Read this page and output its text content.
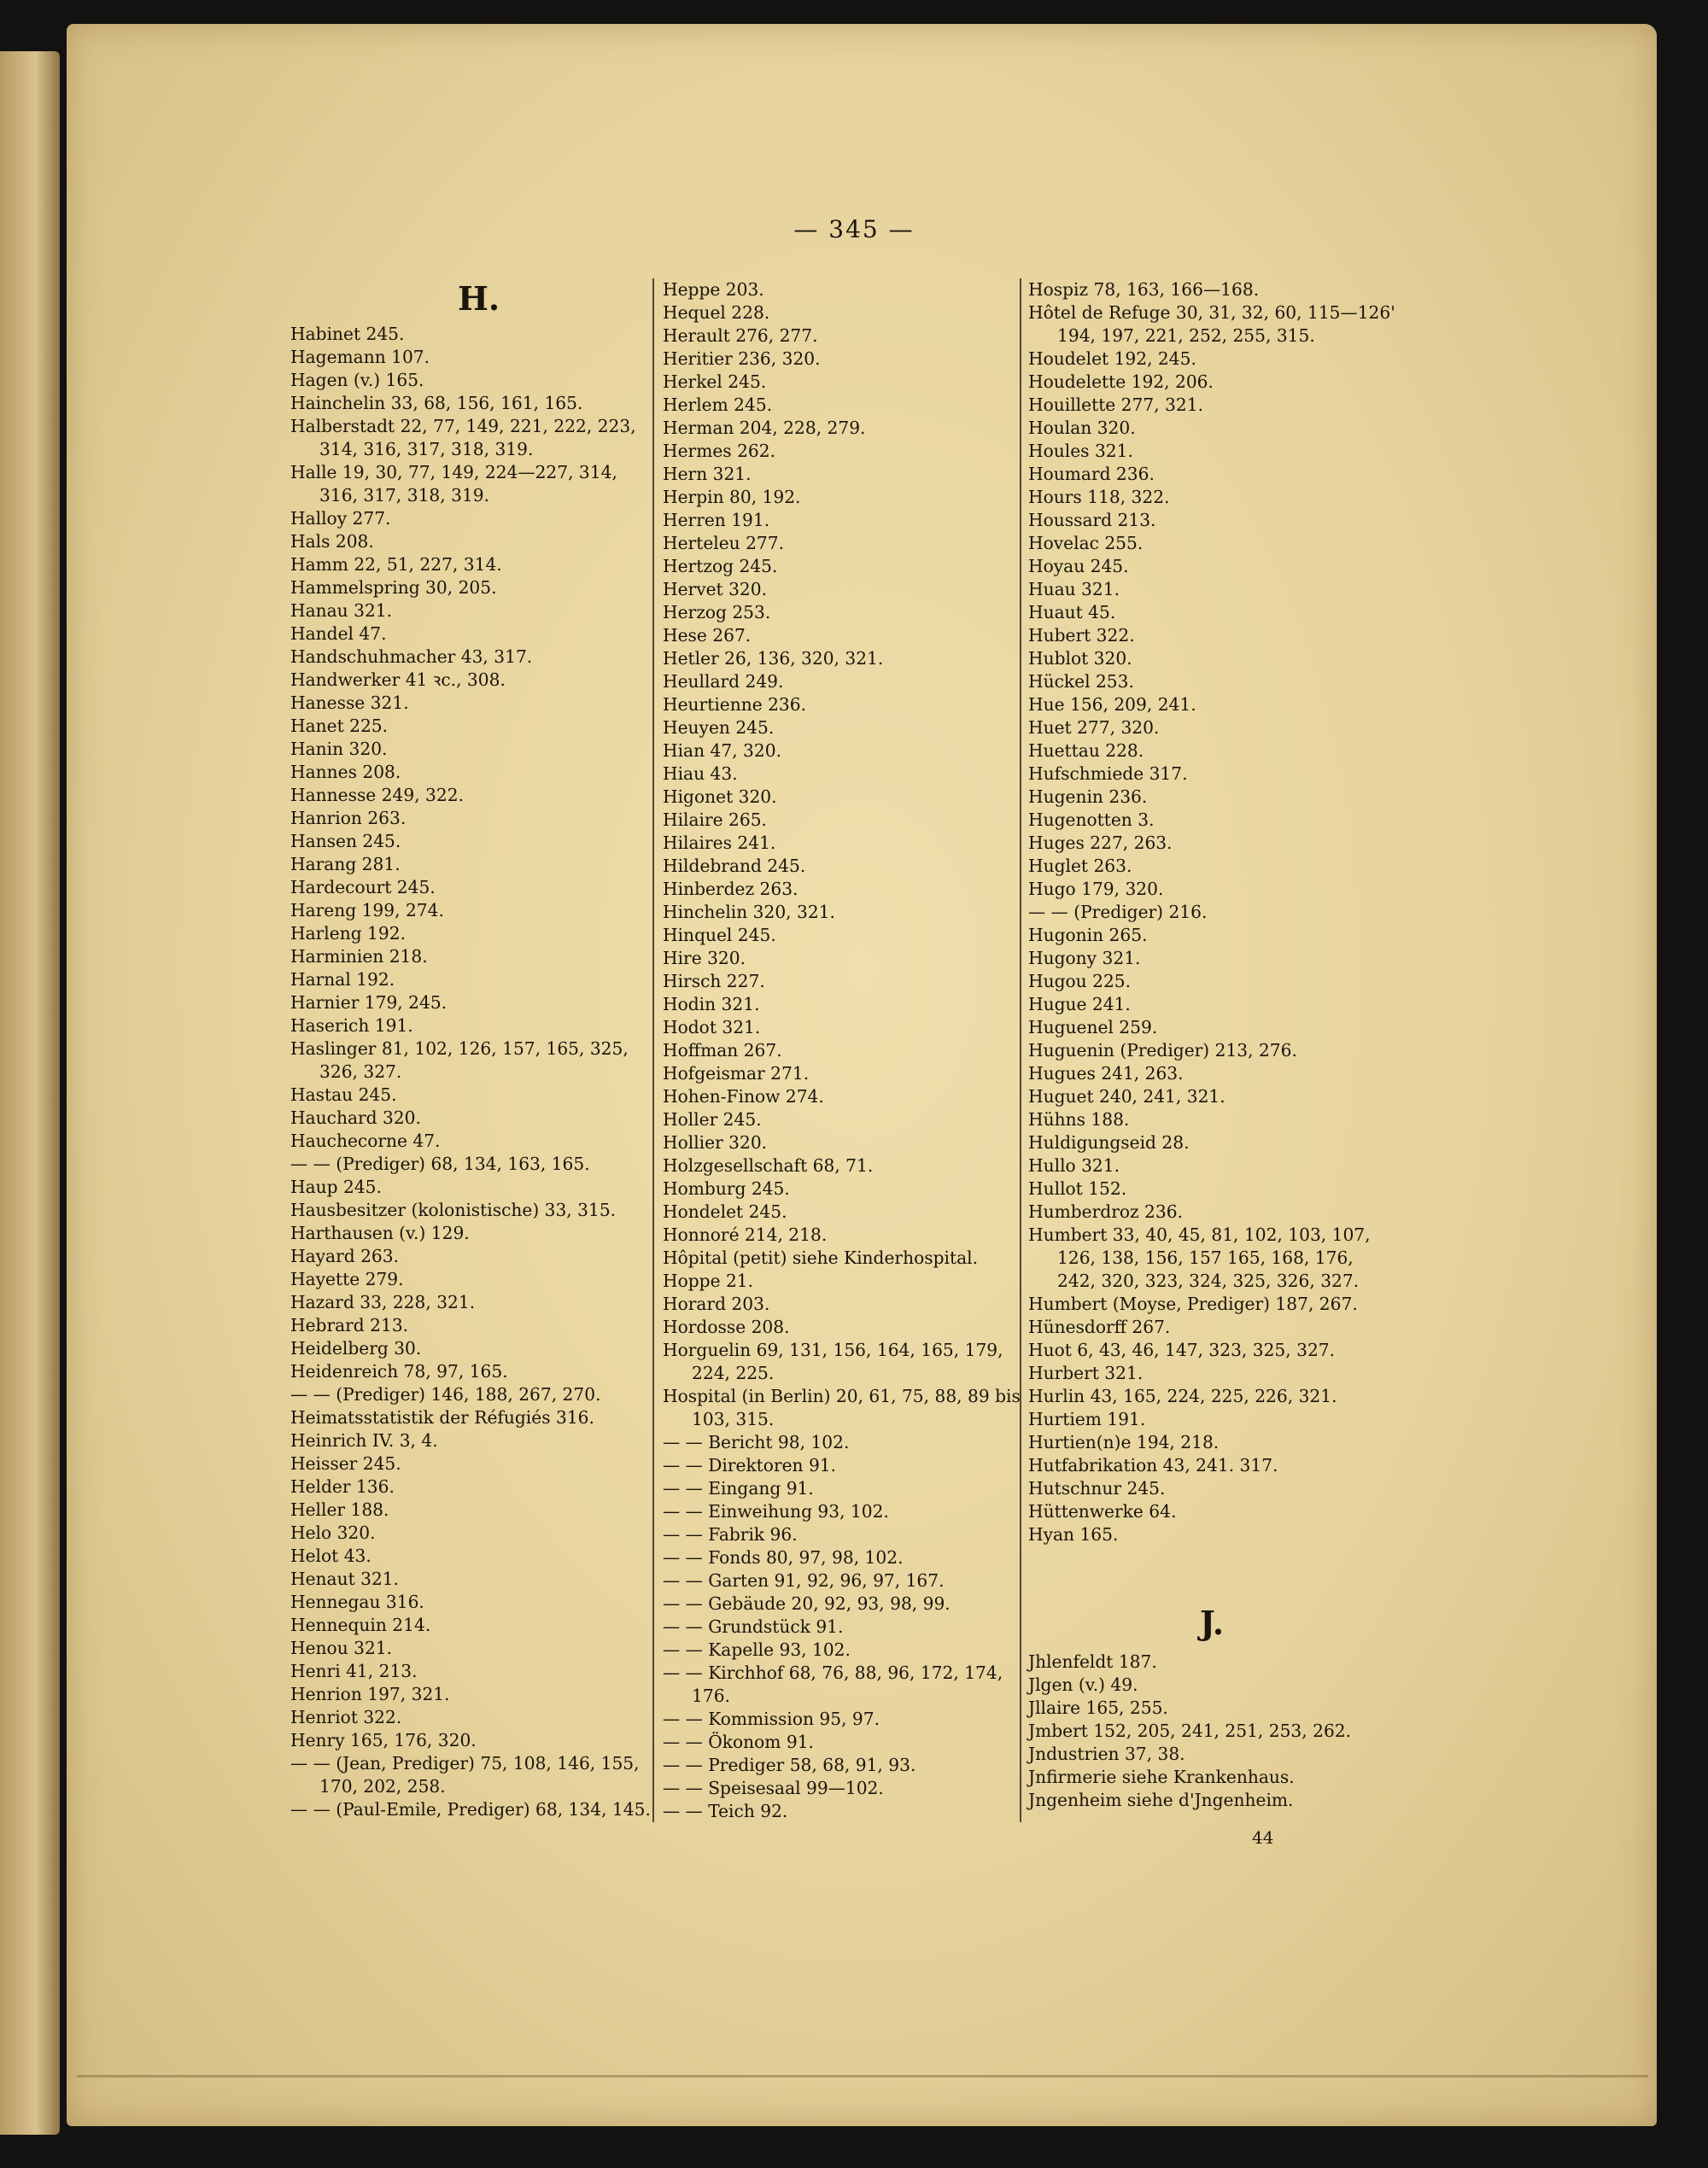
— 345 —
H.

Habinet 245.

Hagemann 107.

Hagen (v.) 165.

Hainchelin 33, 68, 156, 161, 165.

Halberstadt 22, 77, 149, 221, 222, 223, 314, 316, 317, 318, 319.

Halle 19, 30, 77, 149, 224—227, 314, 316, 317, 318, 319.

Halloy 277.

Hals 208.

Hamm 22, 51, 227, 314.

Hammelspring 30, 205.

Hanau 321.

Handel 47.

Handschuhmacher 43, 317.

Handwerker 41 ꝛc., 308.

Hanesse 321.

Hanet 225.

Hanin 320.

Hannes 208.

Hannesse 249, 322.

Hanrion 263.

Hansen 245.

Harang 281.

Hardecourt 245.

Hareng 199, 274.

Harleng 192.

Harminien 218.

Harnal 192.

Harnier 179, 245.

Haserich 191.

Haslinger 81, 102, 126, 157, 165, 325, 326, 327.

Hastau 245.

Hauchard 320.

Hauchecorne 47.

— — (Prediger) 68, 134, 163, 165.

Haup 245.

Hausbesitzer (kolonistische) 33, 315.

Harthausen (v.) 129.

Hayard 263.

Hayette 279.

Hazard 33, 228, 321.

Hebrard 213.

Heidelberg 30.

Heidenreich 78, 97, 165.

— — (Prediger) 146, 188, 267, 270.

Heimatsstatistik der Réfugiés 316.

Heinrich IV. 3, 4.

Heisser 245.

Helder 136.

Heller 188.

Helo 320.

Helot 43.

Henaut 321.

Hennegau 316.

Hennequin 214.

Henou 321.

Henri 41, 213.

Henrion 197, 321.

Henriot 322.

Henry 165, 176, 320.

— — (Jean, Prediger) 75, 108, 146, 155, 170, 202, 258.

— — (Paul-Emile, Prediger) 68, 134, 145.

Heppe 203.

Hequel 228.

Herault 276, 277.

Heritier 236, 320.

Herkel 245.

Herlem 245.

Herman 204, 228, 279.

Hermes 262.

Hern 321.

Herpin 80, 192.

Herren 191.

Herteleu 277.

Hertzog 245.

Hervet 320.

Herzog 253.

Hese 267.

Hetler 26, 136, 320, 321.

Heullard 249.

Heurtienne 236.

Heuyen 245.

Hian 47, 320.

Hiau 43.

Higonet 320.

Hilaire 265.

Hilaires 241.

Hildebrand 245.

Hinberdez 263.

Hinchelin 320, 321.

Hinquel 245.

Hire 320.

Hirsch 227.

Hodin 321.

Hodot 321.

Hoffman 267.

Hofgeismar 271.

Hohen-Finow 274.

Holler 245.

Hollier 320.

Holzgesellschaft 68, 71.

Homburg 245.

Hondelet 245.

Honnoré 214, 218.

Hôpital (petit) siehe Kinderhospital.

Hoppe 21.

Horard 203.

Hordosse 208.

Horguelin 69, 131, 156, 164, 165, 179, 224, 225.

Hospital (in Berlin) 20, 61, 75, 88, 89 bis 103, 315.

— — Bericht 98, 102.

— — Direktoren 91.

— — Eingang 91.

— — Einweihung 93, 102.

— — Fabrik 96.

— — Fonds 80, 97, 98, 102.

— — Garten 91, 92, 96, 97, 167.

— — Gebäude 20, 92, 93, 98, 99.

— — Grundstück 91.

— — Kapelle 93, 102.

— — Kirchhof 68, 76, 88, 96, 172, 174, 176.

— — Kommission 95, 97.

— — Ökonom 91.

— — Prediger 58, 68, 91, 93.

— — Speisesaal 99—102.

— — Teich 92.

Hospiz 78, 163, 166—168.

Hôtel de Refuge 30, 31, 32, 60, 115—126' 194, 197, 221, 252, 255, 315.

Houdelet 192, 245.

Houdelette 192, 206.

Houillette 277, 321.

Houlan 320.

Houles 321.

Houmard 236.

Hours 118, 322.

Houssard 213.

Hovelac 255.

Hoyau 245.

Huau 321.

Huaut 45.

Hubert 322.

Hublot 320.

Hückel 253.

Hue 156, 209, 241.

Huet 277, 320.

Huettau 228.

Hufschmiede 317.

Hugenin 236.

Hugenotten 3.

Huges 227, 263.

Huglet 263.

Hugo 179, 320.

— — (Prediger) 216.

Hugonin 265.

Hugony 321.

Hugou 225.

Hugue 241.

Huguenel 259.

Huguenin (Prediger) 213, 276.

Hugues 241, 263.

Huguet 240, 241, 321.

Hühns 188.

Huldigungseid 28.

Hullo 321.

Hullot 152.

Humberdroz 236.

Humbert 33, 40, 45, 81, 102, 103, 107, 126, 138, 156, 157 165, 168, 176, 242, 320, 323, 324, 325, 326, 327.

Humbert (Moyse, Prediger) 187, 267.

Hünesdorff 267.

Huot 6, 43, 46, 147, 323, 325, 327.

Hurbert 321.

Hurlin 43, 165, 224, 225, 226, 321.

Hurtiem 191.

Hurtien(n)e 194, 218.

Hutfabrikation 43, 241. 317.

Hutschnur 245.

Hüttenwerke 64.

Hyan 165.

J.

Jhlenfeldt 187.

Jlgen (v.) 49.

Jllaire 165, 255.

Jmbert 152, 205, 241, 251, 253, 262.

Jndustrien 37, 38.

Jnfirmerie siehe Krankenhaus.

Jngenheim siehe d'Jngenheim.

44
